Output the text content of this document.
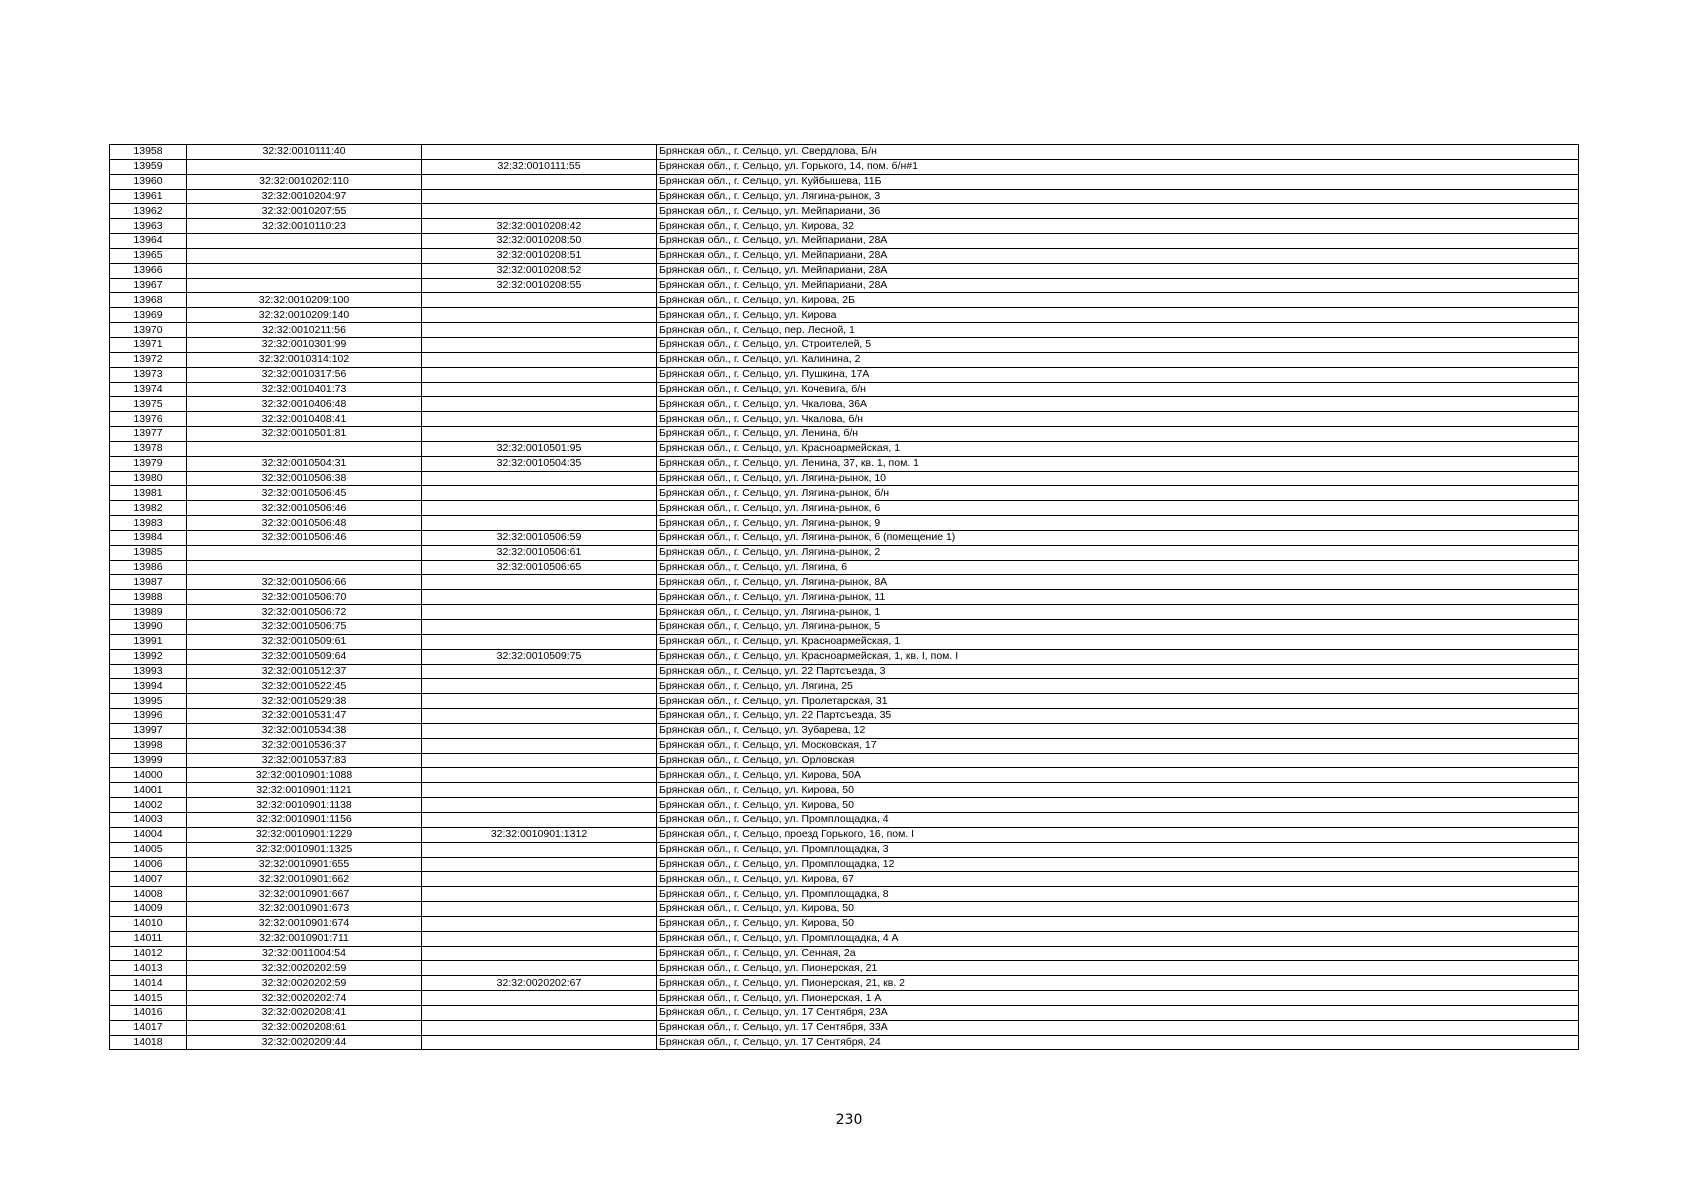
13958	32:32:0010111:40		Брянская обл., г. Сельцо, ул. Свердлова, Б/н
13959		32:32:0010111:55	Брянская обл., г. Сельцо, ул. Горького, 14, пом. б/н#1
13960	32:32:0010202:110		Брянская обл., г. Сельцо, ул. Куйбышева, 11Б
13961	32:32:0010204:97		Брянская обл., г. Сельцо, ул. Лягина-рынок, 3
13962	32:32:0010207:55		Брянская обл., г. Сельцо, ул. Мейпариани, 36
13963	32:32:0010110:23	32:32:0010208:42	Брянская обл., г. Сельцо, ул. Кирова, 32
13964		32:32:0010208:50	Брянская обл., г. Сельцо, ул. Мейпариани, 28А
13965		32:32:0010208:51	Брянская обл., г. Сельцо, ул. Мейпариани, 28А
13966		32:32:0010208:52	Брянская обл., г. Сельцо, ул. Мейпариани, 28А
13967		32:32:0010208:55	Брянская обл., г. Сельцо, ул. Мейпариани, 28А
13968	32:32:0010209:100		Брянская обл., г. Сельцо, ул. Кирова, 2Б
13969	32:32:0010209:140		Брянская обл., г. Сельцо, ул. Кирова
13970	32:32:0010211:56		Брянская обл., г. Сельцо, пер. Лесной, 1
13971	32:32:0010301:99		Брянская обл., г. Сельцо, ул. Строителей, 5
13972	32:32:0010314:102		Брянская обл., г. Сельцо, ул. Калинина, 2
13973	32:32:0010317:56		Брянская обл., г. Сельцо, ул. Пушкина, 17А
13974	32:32:0010401:73		Брянская обл., г. Сельцо, ул. Кочевига, б/н
13975	32:32:0010406:48		Брянская обл., г. Сельцо, ул. Чкалова, 36А
13976	32:32:0010408:41		Брянская обл., г. Сельцо, ул. Чкалова, б/н
13977	32:32:0010501:81		Брянская обл., г. Сельцо, ул. Ленина, б/н
13978		32:32:0010501:95	Брянская обл., г. Сельцо, ул. Красноармейская, 1
13979	32:32:0010504:31	32:32:0010504:35	Брянская обл., г. Сельцо, ул. Ленина, 37, кв. 1, пом. 1
13980	32:32:0010506:38		Брянская обл., г. Сельцо, ул. Лягина-рынок, 10
13981	32:32:0010506:45		Брянская обл., г. Сельцо, ул. Лягина-рынок, б/н
13982	32:32:0010506:46		Брянская обл., г. Сельцо, ул. Лягина-рынок, 6
13983	32:32:0010506:48		Брянская обл., г. Сельцо, ул. Лягина-рынок, 9
13984	32:32:0010506:46	32:32:0010506:59	Брянская обл., г. Сельцо, ул. Лягина-рынок, 6 (помещение 1)
13985		32:32:0010506:61	Брянская обл., г. Сельцо, ул. Лягина-рынок, 2
13986		32:32:0010506:65	Брянская обл., г. Сельцо, ул. Лягина, 6
13987	32:32:0010506:66		Брянская обл., г. Сельцо, ул. Лягина-рынок, 8А
13988	32:32:0010506:70		Брянская обл., г. Сельцо, ул. Лягина-рынок, 11
13989	32:32:0010506:72		Брянская обл., г. Сельцо, ул. Лягина-рынок, 1
13990	32:32:0010506:75		Брянская обл., г. Сельцо, ул. Лягина-рынок, 5
13991	32:32:0010509:61		Брянская обл., г. Сельцо, ул. Красноармейская, 1
13992	32:32:0010509:64	32:32:0010509:75	Брянская обл., г. Сельцо, ул. Красноармейская, 1, кв. I, пом. I
13993	32:32:0010512:37		Брянская обл., г. Сельцо, ул. 22 Партсъезда, 3
13994	32:32:0010522:45		Брянская обл., г. Сельцо, ул. Лягина, 25
13995	32:32:0010529:38		Брянская обл., г. Сельцо, ул. Пролетарская, 31
13996	32:32:0010531:47		Брянская обл., г. Сельцо, ул. 22 Партсъезда, 35
13997	32:32:0010534:38		Брянская обл., г. Сельцо, ул. Зубарева, 12
13998	32:32:0010536:37		Брянская обл., г. Сельцо, ул. Московская, 17
13999	32:32:0010537:83		Брянская обл., г. Сельцо, ул. Орловская
14000	32:32:0010901:1088		Брянская обл., г. Сельцо, ул. Кирова, 50А
14001	32:32:0010901:1121		Брянская обл., г. Сельцо, ул. Кирова, 50
14002	32:32:0010901:1138		Брянская обл., г. Сельцо, ул. Кирова, 50
14003	32:32:0010901:1156		Брянская обл., г. Сельцо, ул. Промплощадка, 4
14004	32:32:0010901:1229	32:32:0010901:1312	Брянская обл., г. Сельцо, проезд Горького, 16, пом. I
14005	32:32:0010901:1325		Брянская обл., г. Сельцо, ул. Промплощадка, 3
14006	32:32:0010901:655		Брянская обл., г. Сельцо, ул. Промплощадка, 12
14007	32:32:0010901:662		Брянская обл., г. Сельцо, ул. Кирова, 67
14008	32:32:0010901:667		Брянская обл., г. Сельцо, ул. Промплощадка, 8
14009	32:32:0010901:673		Брянская обл., г. Сельцо, ул. Кирова, 50
14010	32:32:0010901:674		Брянская обл., г. Сельцо, ул. Кирова, 50
14011	32:32:0010901:711		Брянская обл., г. Сельцо, ул. Промплощадка, 4 А
14012	32:32:0011004:54		Брянская обл., г. Сельцо, ул. Сенная, 2а
14013	32:32:0020202:59		Брянская обл., г. Сельцо, ул. Пионерская, 21
14014	32:32:0020202:59	32:32:0020202:67	Брянская обл., г. Сельцо, ул. Пионерская, 21, кв. 2
14015	32:32:0020202:74		Брянская обл., г. Сельцо, ул. Пионерская, 1 А
14016	32:32:0020208:41		Брянская обл., г. Сельцо, ул. 17 Сентября, 23А
14017	32:32:0020208:61		Брянская обл., г. Сельцо, ул. 17 Сентября, 33А
14018	32:32:0020209:44		Брянская обл., г. Сельцо, ул. 17 Сентября, 24
230
